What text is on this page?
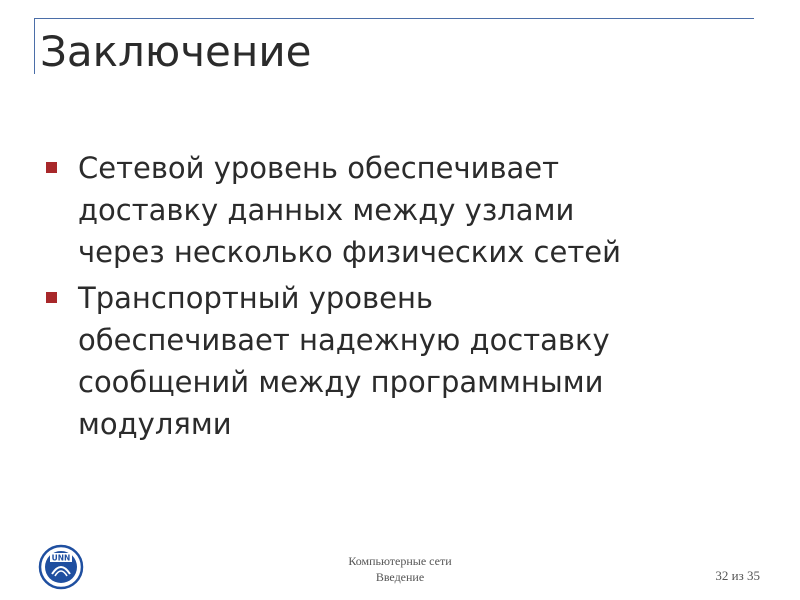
Заключение
Сетевой уровень обеспечивает
доставку данных между узлами
через несколько физических сетей
Транспортный уровень
обеспечивает надежную доставку
сообщений между программными
модулями
UNN	Компьютерные сети
Введение	32 из 35
